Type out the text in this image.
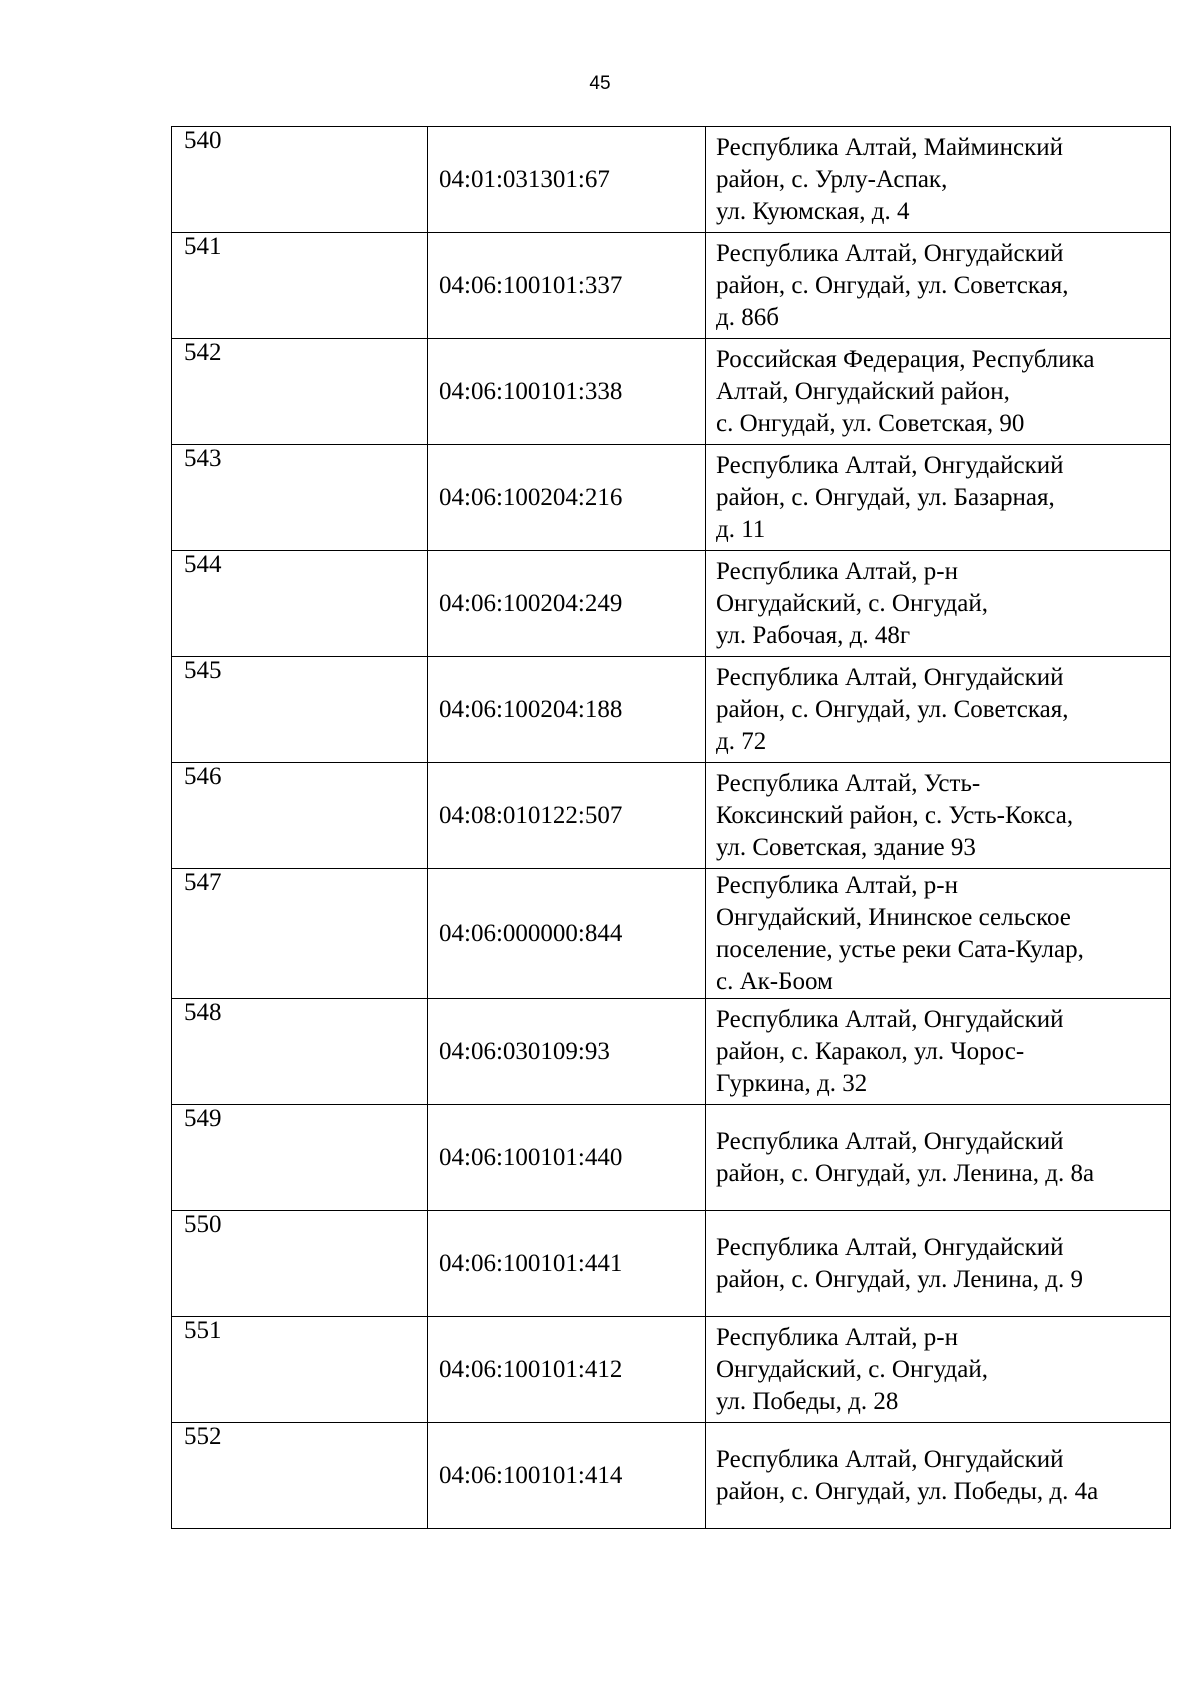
45
540	04:01:031301:67	Республика Алтай, Майминский
район, с. Урлу-Аспак,
ул. Куюмская, д. 4

541	04:06:100101:337	Республика Алтай, Онгудайский
район, с. Онгудай, ул. Советская,
д. 86б

542	04:06:100101:338	Российская Федерация, Республика
Алтай, Онгудайский район,
с. Онгудай, ул. Советская, 90

543	04:06:100204:216	Республика Алтай, Онгудайский
район, с. Онгудай, ул. Базарная,
д. 11

544	04:06:100204:249	Республика Алтай, р-н
Онгудайский, с. Онгудай,
ул. Рабочая, д. 48г

545	04:06:100204:188	Республика Алтай, Онгудайский
район, с. Онгудай, ул. Советская,
д. 72

546	04:08:010122:507	Республика Алтай, Усть-
Коксинский район, с. Усть-Кокса,
ул. Советская, здание 93

547	04:06:000000:844	Республика Алтай, р-н
Онгудайский, Ининское сельское
поселение, устье реки Сата-Кулар,
с. Ак-Боом

548	04:06:030109:93	Республика Алтай, Онгудайский
район, с. Каракол, ул. Чорос-
Гуркина, д. 32

549	04:06:100101:440	Республика Алтай, Онгудайский
район, с. Онгудай, ул. Ленина, д. 8а

550	04:06:100101:441	Республика Алтай, Онгудайский
район, с. Онгудай, ул. Ленина, д. 9

551	04:06:100101:412	Республика Алтай, р-н
Онгудайский, с. Онгудай,
ул. Победы, д. 28

552	04:06:100101:414	Республика Алтай, Онгудайский
район, с. Онгудай, ул. Победы, д. 4а
